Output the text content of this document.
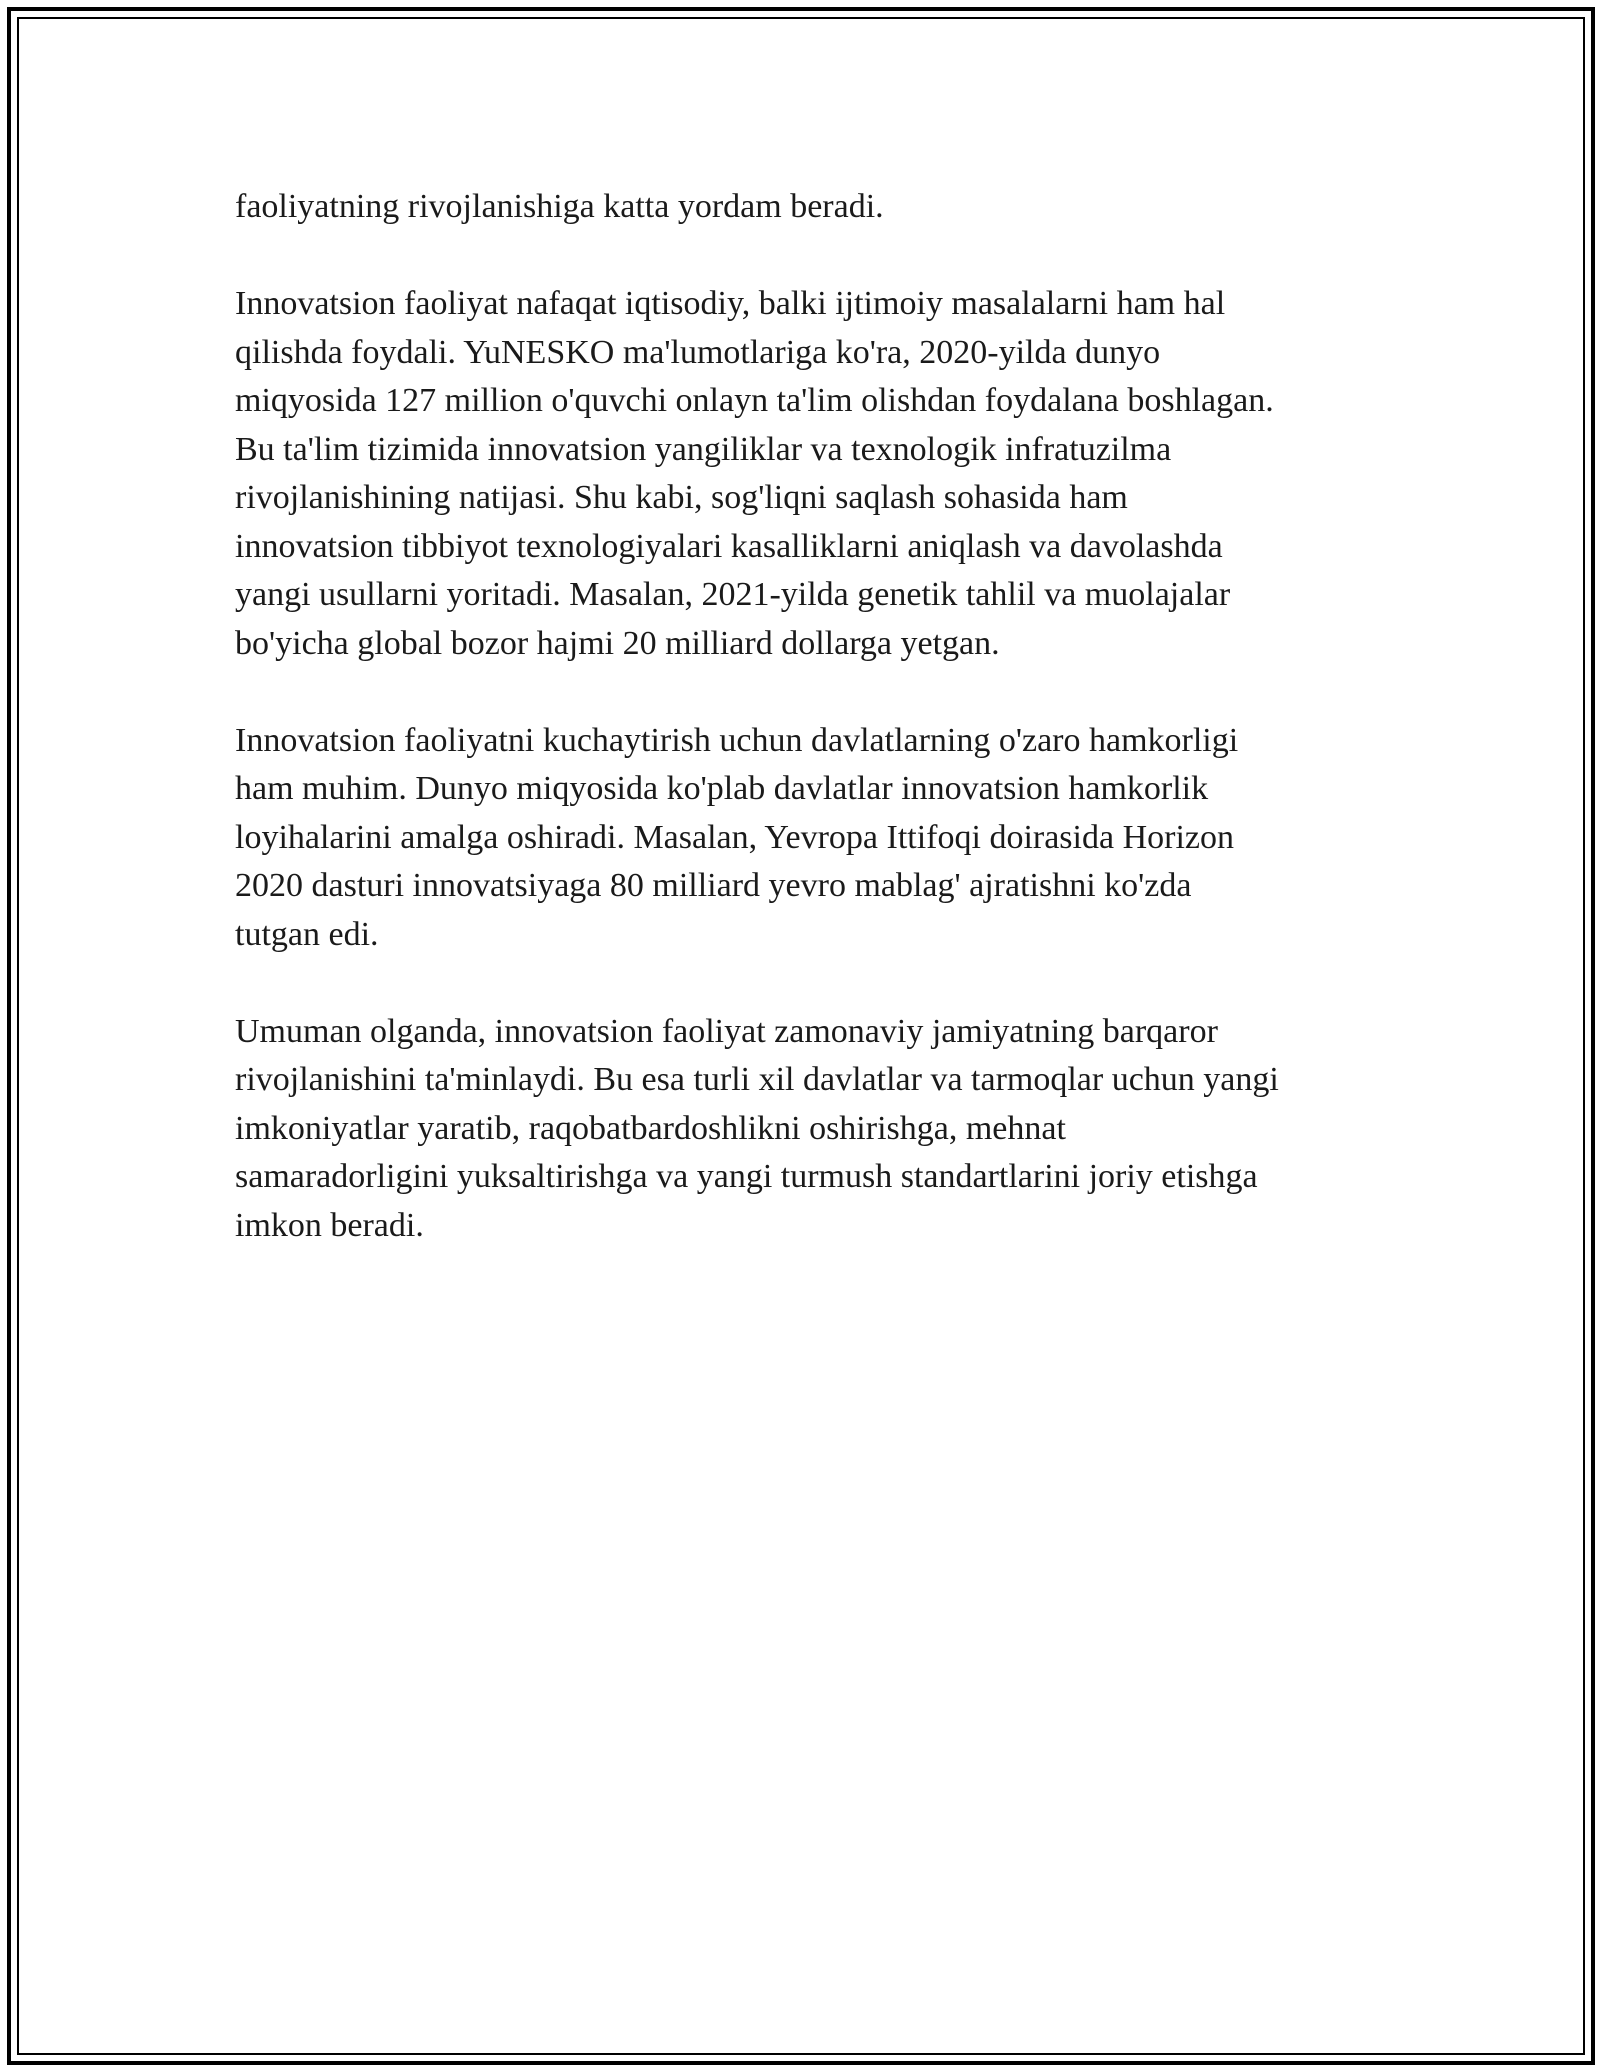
faoliyatning rivojlanishiga katta yordam beradi.
Innovatsion faoliyat nafaqat iqtisodiy, balki ijtimoiy masalalarni ham hal
qilishda foydali. YuNESKO ma'lumotlariga ko'ra, 2020-yilda dunyo
miqyosida 127 million o'quvchi onlayn ta'lim olishdan foydalana boshlagan.
Bu ta'lim tizimida innovatsion yangiliklar va texnologik infratuzilma
rivojlanishining natijasi. Shu kabi, sog'liqni saqlash sohasida ham
innovatsion tibbiyot texnologiyalari kasalliklarni aniqlash va davolashda
yangi usullarni yoritadi. Masalan, 2021-yilda genetik tahlil va muolajalar
bo'yicha global bozor hajmi 20 milliard dollarga yetgan.
Innovatsion faoliyatni kuchaytirish uchun davlatlarning o'zaro hamkorligi
ham muhim. Dunyo miqyosida ko'plab davlatlar innovatsion hamkorlik
loyihalarini amalga oshiradi. Masalan, Yevropa Ittifoqi doirasida Horizon
2020 dasturi innovatsiyaga 80 milliard yevro mablag' ajratishni ko'zda
tutgan edi.
Umuman olganda, innovatsion faoliyat zamonaviy jamiyatning barqaror
rivojlanishini ta'minlaydi. Bu esa turli xil davlatlar va tarmoqlar uchun yangi
imkoniyatlar yaratib, raqobatbardoshlikni oshirishga, mehnat
samaradorligini yuksaltirishga va yangi turmush standartlarini joriy etishga
imkon beradi.
